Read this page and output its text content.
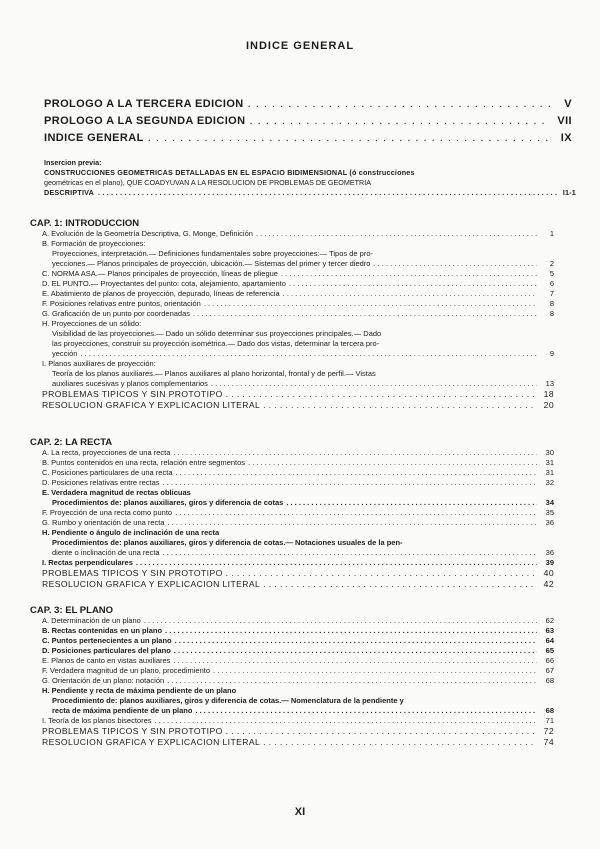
INDICE GENERAL
PROLOGO A LA TERCERA EDICION . . .	V
PROLOGO A LA SEGUNDA EDICION . . .	VII
INDICE GENERAL . . .	IX
Insercion previa:
CONSTRUCCIONES GEOMETRICAS DETALLADAS EN EL ESPACIO BIDIMENSIONAL (ó construcciones
geométricas en el plano), QUE COADYUVAN A LA RESOLUCION DE PROBLEMAS DE GEOMETRIA
DESCRIPTIVA . . .	I1-1
CAP. 1: INTRODUCCION
A. Evolución de la Geometría Descriptiva, G. Monge, Definición . . .	1
B. Formación de proyecciones:
Proyecciones, interpretación.— Definiciones fundamentales sobre proyecciones:— Tipos de pro-
yecciones.— Planos principales de proyección, ubicación.— Sistemas del primer y tercer diedro . . .	2
C. NORMA ASA.— Planos principales de proyección, líneas de pliegue . . .	5
D. EL PUNTO.— Proyectantes del punto: cota, alejamiento, apartamiento . . .	6
E. Abatimiento de planos de proyección, depurado, líneas de referencia . . .	7
F. Posiciones relativas entre puntos, orientación . . .	8
G. Graficación de un punto por coordenadas . . .	8
H. Proyecciones de un sólido:
Visibilidad de las proyecciones.— Dado un sólido determinar sus proyecciones principales.— Dado
las proyecciones, construir su proyección isométrica.— Dado dos vistas, determinar la tercera pro-
yección . . .	9
I. Planos auxiliares de proyección:
Teoría de los planos auxiliares.— Planos auxiliares al plano horizontal, frontal y de perfil.— Vistas
auxiliares sucesivas y planos complementarios . . .	13
PROBLEMAS TIPICOS Y SIN PROTOTIPO . . .	18
RESOLUCION GRAFICA Y EXPLICACION LITERAL . . .	20
CAP. 2: LA RECTA
A. La recta, proyecciones de una recta . . .	30
B. Puntos contenidos en una recta, relación entre segmentos . . .	31
C. Posiciones particulares de una recta . . .	31
D. Posiciones relativas entre rectas . . .	32
E. Verdadera magnitud de rectas oblicuas
Procedimientos de: planos auxiliares, giros y diferencia de cotas . . .	34
F. Proyección de una recta como punto . . .	35
G. Rumbo y orientación de una recta . . .	36
H. Pendiente o ángulo de inclinación de una recta
Procedimientos de: planos auxiliares, giros y diferencia de cotas.— Notaciones usuales de la pen-
diente o inclinación de una recta . . .	36
I. Rectas perpendiculares . . .	39
PROBLEMAS TIPICOS Y SIN PROTOTIPO . . .	40
RESOLUCION GRAFICA Y EXPLICACION LITERAL . . .	42
CAP. 3: EL PLANO
A. Determinación de un plano . . .	62
B. Rectas contenidas en un plano . . .	63
C. Puntos pertenecientes a un plano . . .	64
D. Posiciones particulares del plano . . .	65
E. Planos de canto en vistas auxiliares . . .	66
F. Verdadera magnitud de un plano, procedimiento . . .	67
G. Orientación de un plano: notación . . .	68
H. Pendiente y recta de máxima pendiente de un plano
Procedimiento de: planos auxiliares, giros y diferencia de cotas.— Nomenclatura de la pendiente y
recta de máxima pendiente de un plano . . .	68
I. Teoría de los planos bisectores . . .	71
PROBLEMAS TIPICOS Y SIN PROTOTIPO . . .	72
RESOLUCION GRAFICA Y EXPLICACION LITERAL . . .	74
XI
